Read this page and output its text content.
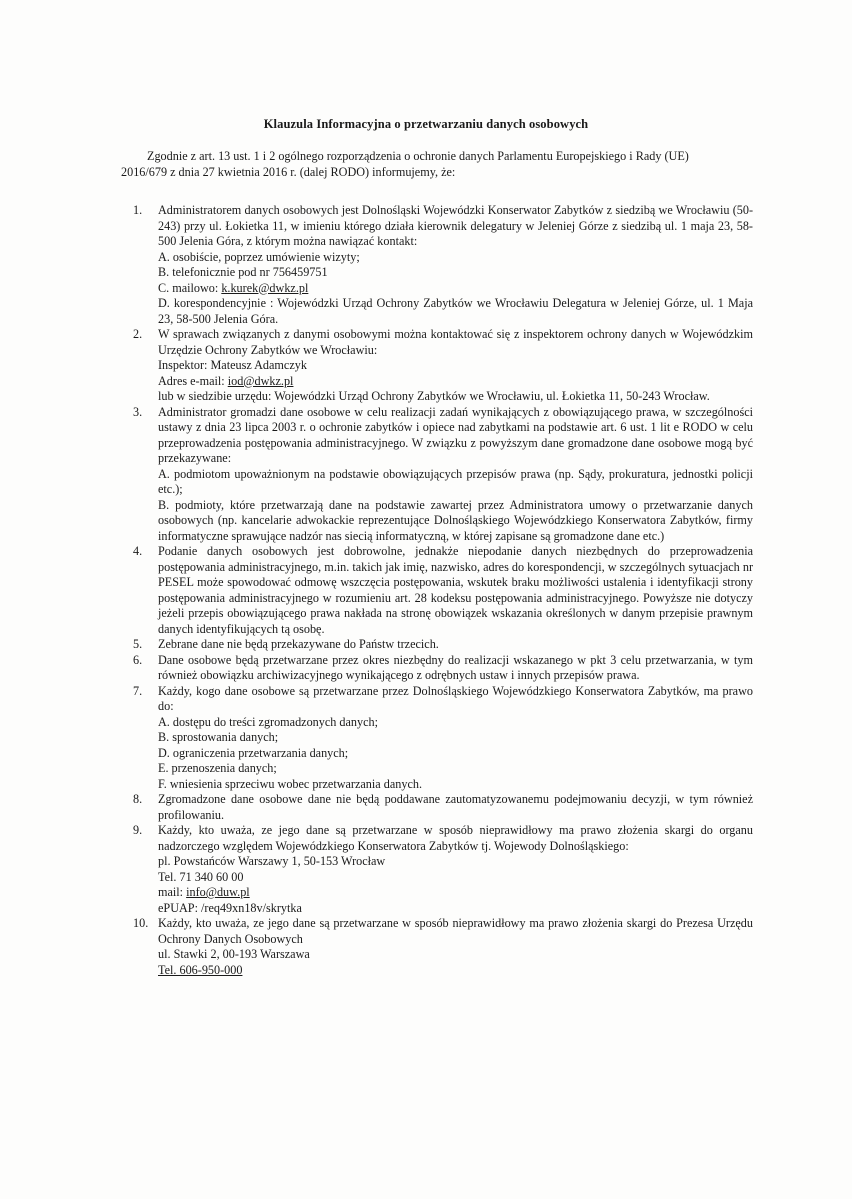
Klauzula Informacyjna o przetwarzaniu danych osobowych
Zgodnie z art. 13 ust. 1 i 2 ogólnego rozporządzenia o ochronie danych Parlamentu Europejskiego i Rady (UE)
2016/679 z dnia 27 kwietnia 2016 r. (dalej RODO) informujemy, że:
1.	Administratorem danych osobowych jest Dolnośląski Wojewódzki Konserwator Zabytków z siedzibą we Wrocławiu (50-243) przy ul. Łokietka 11, w imieniu którego działa kierownik delegatury w Jeleniej Górze z siedzibą ul. 1 maja 23, 58-500 Jelenia Góra, z którym można nawiązać kontakt:
A. osobiście, poprzez umówienie wizyty;
B. telefonicznie pod nr 756459751
C. mailowo: k.kurek@dwkz.pl
D. korespondencyjnie : Wojewódzki Urząd Ochrony Zabytków we Wrocławiu Delegatura w Jeleniej Górze, ul. 1 Maja 23, 58-500 Jelenia Góra.
2.	W sprawach związanych z danymi osobowymi można kontaktować się z inspektorem ochrony danych w Wojewódzkim Urzędzie Ochrony Zabytków we Wrocławiu:
Inspektor: Mateusz Adamczyk
Adres e-mail: iod@dwkz.pl
lub w siedzibie urzędu: Wojewódzki Urząd Ochrony Zabytków we Wrocławiu, ul. Łokietka 11, 50-243 Wrocław.
3.	Administrator gromadzi dane osobowe w celu realizacji zadań wynikających z obowiązującego prawa, w szczególności ustawy z dnia 23 lipca 2003 r. o ochronie zabytków i opiece nad zabytkami na podstawie art. 6 ust. 1 lit e RODO w celu przeprowadzenia postępowania administracyjnego. W związku z powyższym dane gromadzone dane osobowe mogą być przekazywane:
A. podmiotom upoważnionym na podstawie obowiązujących przepisów prawa (np. Sądy, prokuratura, jednostki policji etc.);
B. podmioty, które przetwarzają dane na podstawie zawartej przez Administratora umowy o przetwarzanie danych osobowych (np. kancelarie adwokackie reprezentujące Dolnośląskiego Wojewódzkiego Konserwatora Zabytków, firmy informatyczne sprawujące nadzór nas siecią informatyczną, w której zapisane są gromadzone dane etc.)
4.	Podanie danych osobowych jest dobrowolne, jednakże niepodanie danych niezbędnych do przeprowadzenia postępowania administracyjnego, m.in. takich jak imię, nazwisko, adres do korespondencji, w szczególnych sytuacjach nr PESEL może spowodować odmowę wszczęcia postępowania, wskutek braku możliwości ustalenia i identyfikacji strony postępowania administracyjnego w rozumieniu art. 28 kodeksu postępowania administracyjnego. Powyższe nie dotyczy jeżeli przepis obowiązującego prawa nakłada na stronę obowiązek wskazania określonych w danym przepisie prawnym danych identyfikujących tą osobę.
5.	Zebrane dane nie będą przekazywane do Państw trzecich.
6.	Dane osobowe będą przetwarzane przez okres niezbędny do realizacji wskazanego w pkt 3 celu przetwarzania, w tym również obowiązku archiwizacyjnego wynikającego z odrębnych ustaw i innych przepisów prawa.
7.	Każdy, kogo dane osobowe są przetwarzane przez Dolnośląskiego Wojewódzkiego Konserwatora Zabytków, ma prawo do:
A. dostępu do treści zgromadzonych danych;
B. sprostowania danych;
D. ograniczenia przetwarzania danych;
E. przenoszenia danych;
F. wniesienia sprzeciwu wobec przetwarzania danych.
8.	Zgromadzone dane osobowe dane nie będą poddawane zautomatyzowanemu podejmowaniu decyzji, w tym również profilowaniu.
9.	Każdy, kto uważa, ze jego dane są przetwarzane w sposób nieprawidłowy ma prawo złożenia skargi do organu nadzorczego względem Wojewódzkiego Konserwatora Zabytków tj. Wojewody Dolnośląskiego:
pl. Powstańców Warszawy 1, 50-153 Wrocław
Tel. 71 340 60 00
mail: info@duw.pl
ePUAP: /req49xn18v/skrytka
10. Każdy, kto uważa, ze jego dane są przetwarzane w sposób nieprawidłowy ma prawo złożenia skargi do Prezesa Urzędu Ochrony Danych Osobowych
ul. Stawki 2, 00-193 Warszawa
Tel. 606-950-000
